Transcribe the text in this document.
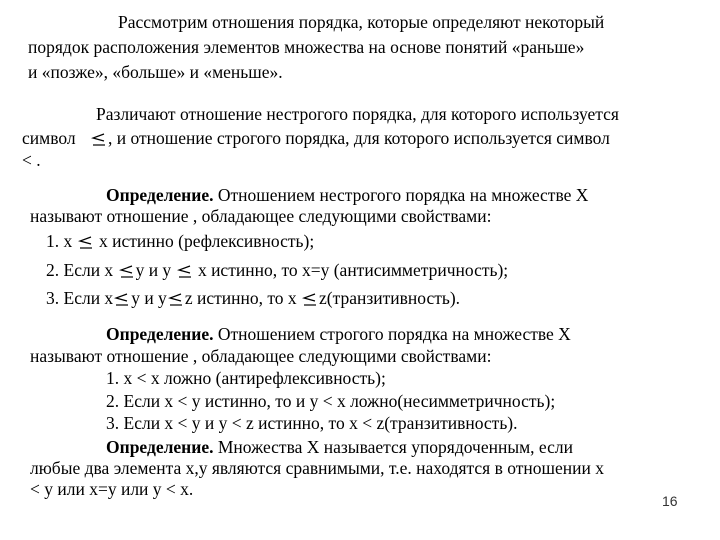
Рассмотрим отношения порядка, которые определяют некоторый
порядок расположения элементов множества на основе понятий «раньше»
и «позже», «больше» и «меньше».
Различают отношение нестрогого порядка, для которого используется
символ , и отношение строгого порядка, для которого используется символ
< .
Определение. Отношением нестрогого порядка на множестве X
называют отношение , обладающее следующими свойствами:
1. x x истинно (рефлексивность);
2. Если x y и y x истинно, то x=y (антисимметричность);
3. Если x y и y z истинно, то x z(транзитивность).
Определение. Отношением строгого порядка на множестве X
называют отношение , обладающее следующими свойствами:
1. x < x ложно (антирефлексивность);
2. Если x < y истинно, то и y < x ложно(несимметричность);
3. Если x < y и y < z истинно, то x < z(транзитивность).
Определение. Множества X называется упорядоченным, если
любые два элемента x,y являются сравнимыми, т.е. находятся в отношении x
< y или x=y или y < x.
16
